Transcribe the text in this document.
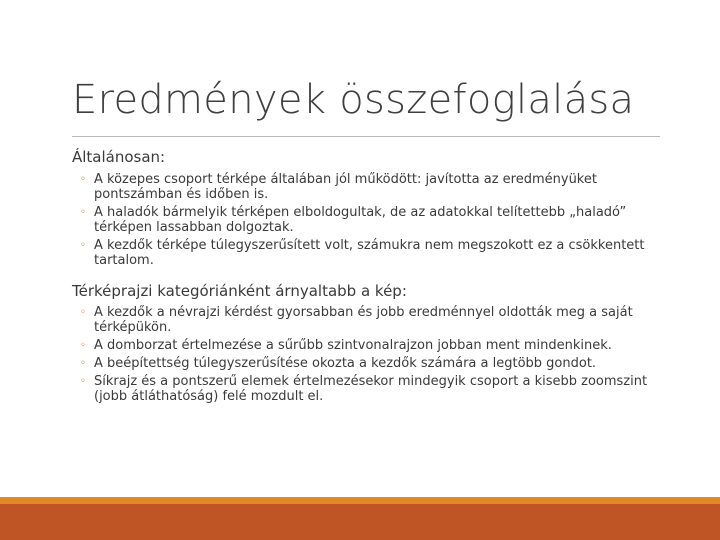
Eredmények összefoglalása
Általánosan:
◦ A közepes csoport térképe általában jól működött: javította az eredményüket pontszámban és időben is.
◦ A haladók bármelyik térképen elboldogultak, de az adatokkal telítettebb „haladó” térképen lassabban dolgoztak.
◦ A kezdők térképe túlegyszerűsített volt, számukra nem megszokott ez a csökkentett tartalom.
Térképrajzi kategóriánként árnyaltabb a kép:
◦ A kezdők a névrajzi kérdést gyorsabban és jobb eredménnyel oldották meg a saját térképükön.
◦ A domborzat értelmezése a sűrűbb szintvonalrajzon jobban ment mindenkinek.
◦ A beépítettség túlegyszerűsítése okozta a kezdők számára a legtöbb gondot.
◦ Síkrajz és a pontszerű elemek értelmezésekor mindegyik csoport a kisebb zoomszint (jobb átláthatóság) felé mozdult el.
